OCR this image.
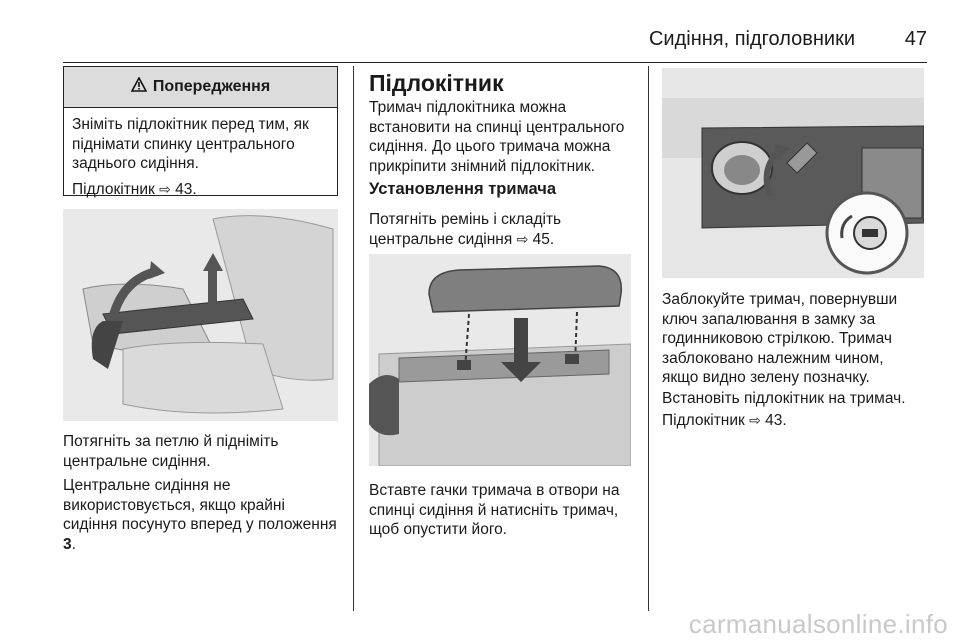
Сидіння, підголовники 47
Попередження

Зніміть підлокітник перед тим, як піднімати спинку центрального заднього сидіння.

Підлокітник ⇨ 43.

Потягніть за петлю й підніміть центральне сидіння.

Центральне сидіння не використовується, якщо крайні сидіння посунуто вперед у положення 3.

Підлокітник

Тримач підлокітника можна встановити на спинці центрального сидіння. До цього тримача можна прикріпити знімний підлокітник.

Установлення тримача

Потягніть ремінь і складіть центральне сидіння ⇨ 45.

Вставте гачки тримача в отвори на спинці сидіння й натисніть тримач, щоб опустити його.

Заблокуйте тримач, повернувши ключ запалювання в замку за годинниковою стрілкою. Тримач заблоковано належним чином, якщо видно зелену позначку.

Встановіть підлокітник на тримач.

Підлокітник ⇨ 43.

carmanualsonline.info
